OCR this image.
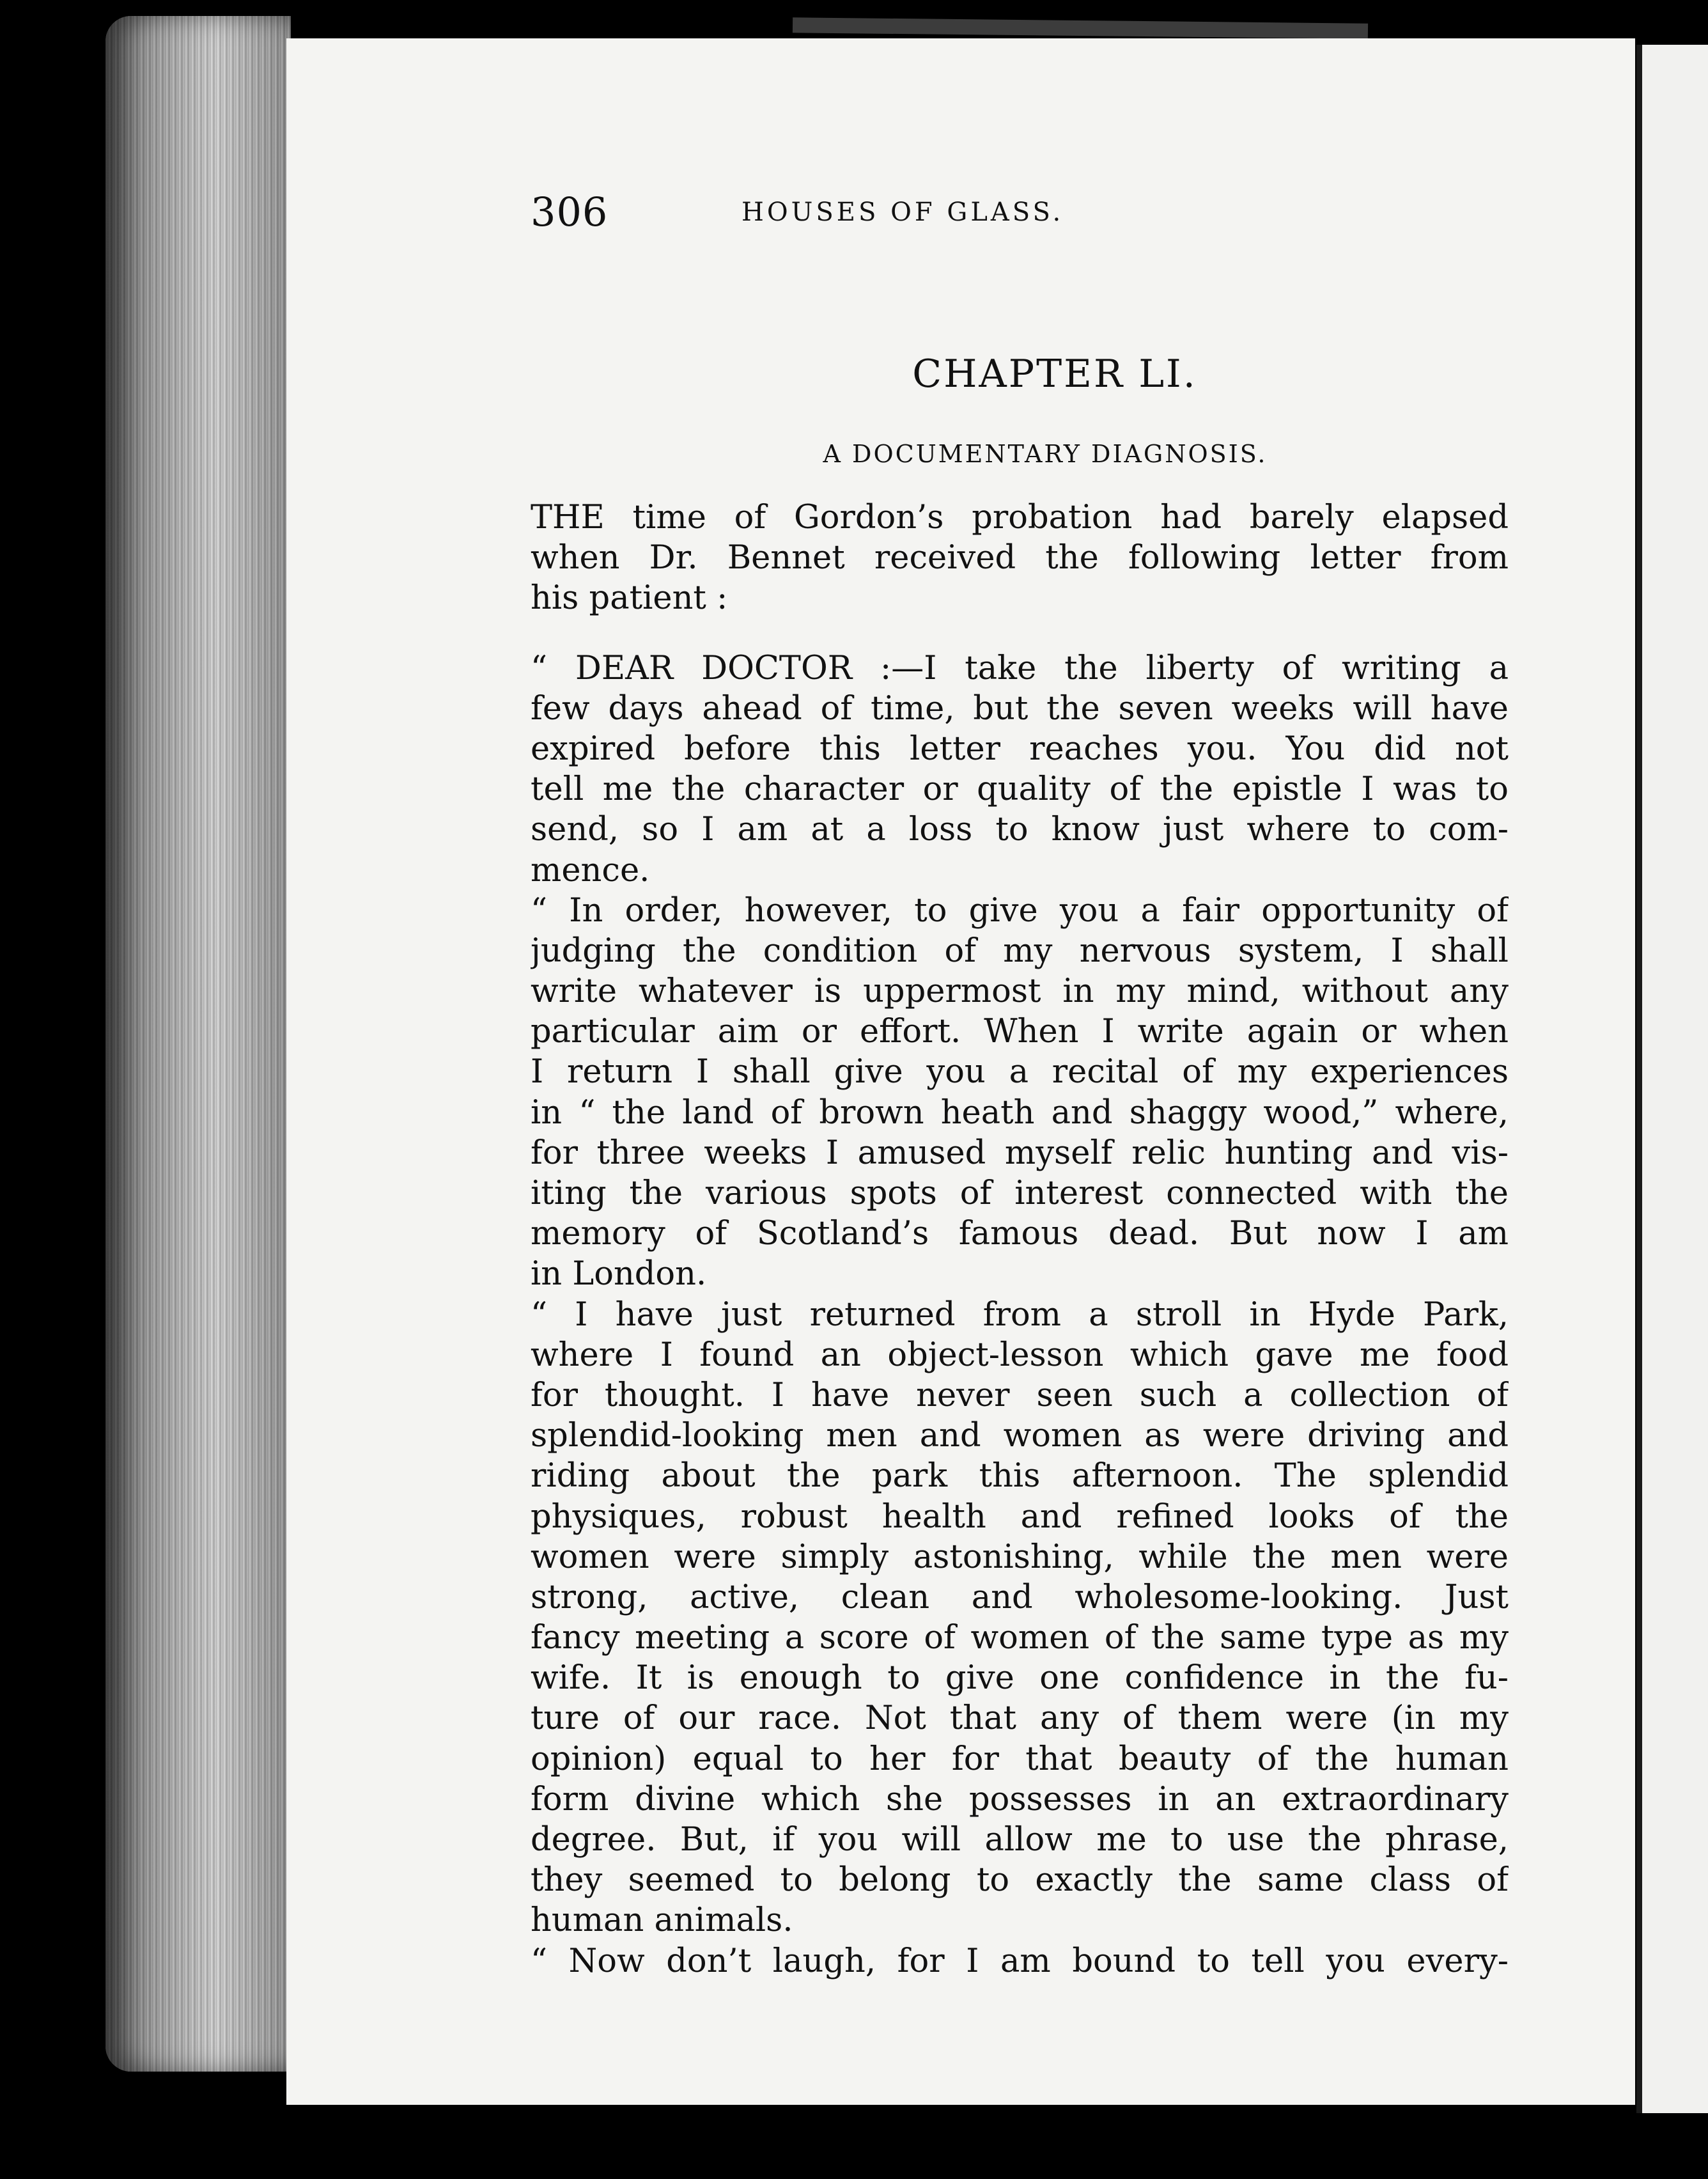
306	HOUSES OF GLASS.
CHAPTER LI.
A DOCUMENTARY DIAGNOSIS.
THE time of Gordon’s probation had barely elapsed
when Dr. Bennet received the following letter from
his patient :
“ DEAR DOCTOR :—I take the liberty of writing a
few days ahead of time, but the seven weeks will have
expired before this letter reaches you. You did not
tell me the character or quality of the epistle I was to
send, so I am at a loss to know just where to com-
mence.
“ In order, however, to give you a fair opportunity of
judging the condition of my nervous system, I shall
write whatever is uppermost in my mind, without any
particular aim or effort. When I write again or when
I return I shall give you a recital of my experiences
in “ the land of brown heath and shaggy wood,” where,
for three weeks I amused myself relic hunting and vis-
iting the various spots of interest connected with the
memory of Scotland’s famous dead. But now I am
in London.
“ I have just returned from a stroll in Hyde Park,
where I found an object-lesson which gave me food
for thought. I have never seen such a collection of
splendid-looking men and women as were driving and
riding about the park this afternoon. The splendid
physiques, robust health and refined looks of the
women were simply astonishing, while the men were
strong, active, clean and wholesome-looking. Just
fancy meeting a score of women of the same type as my
wife. It is enough to give one confidence in the fu-
ture of our race. Not that any of them were (in my
opinion) equal to her for that beauty of the human
form divine which she possesses in an extraordinary
degree. But, if you will allow me to use the phrase,
they seemed to belong to exactly the same class of
human animals.
“ Now don’t laugh, for I am bound to tell you every-
